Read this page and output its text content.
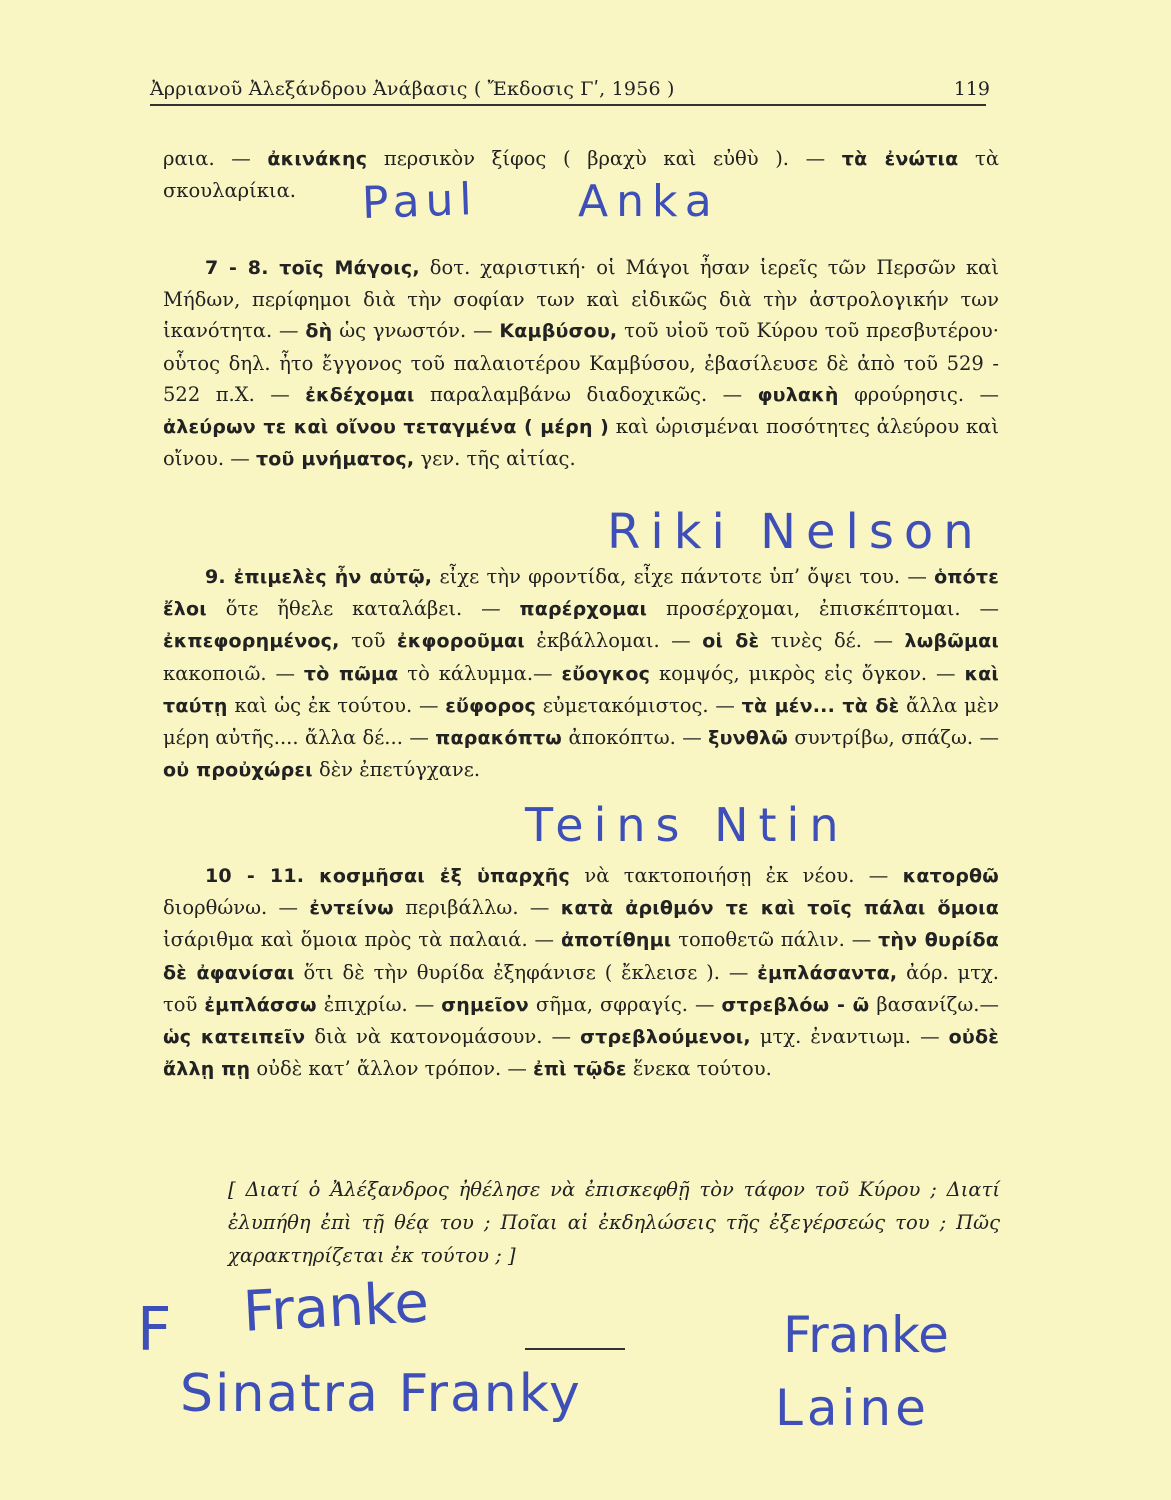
Ἀρριανοῦ Ἀλεξάνδρου Ἀνάβασις ( Ἔκδοσις Γʹ, 1956 )	119

ραια. — ἀκινάκης περσικὸν ξίφος ( βραχὺ καὶ εὐθὺ ). — τὰ ἐνώτια τὰ σκουλαρίκια.

7 - 8. τοῖς Μάγοις, δοτ. χαριστική· οἱ Μάγοι ἦσαν ἱερεῖς τῶν Περσῶν καὶ Μήδων, περίφημοι διὰ τὴν σοφίαν των καὶ εἰδικῶς διὰ τὴν ἀστρολογικήν των ἱκανότητα. — δὴ ὡς γνωστόν. — Καμβύσου, τοῦ υἱοῦ τοῦ Κύρου τοῦ πρεσβυτέρου· οὗτος δηλ. ἦτο ἔγγονος τοῦ παλαιοτέρου Καμβύσου, ἐβασίλευσε δὲ ἀπὸ τοῦ 529 - 522 π.Χ. — ἐκδέχομαι παραλαμβάνω διαδοχικῶς. — φυλακὴ φρούρησις. — ἀλεύρων τε καὶ οἴνου τεταγμένα ( μέρη ) καὶ ὡρισμέναι ποσότητες ἀλεύρου καὶ οἴνου. — τοῦ μνήματος, γεν. τῆς αἰτίας.

9. ἐπιμελὲς ἦν αὐτῷ, εἶχε τὴν φροντίδα, εἶχε πάντοτε ὑπ’ ὄψει του. — ὁπότε ἔλοι ὅτε ἤθελε καταλάβει. — παρέρχομαι προσέρχομαι, ἐπισκέπτομαι. — ἐκπεφορημένος, τοῦ ἐκφοροῦμαι ἐκβάλλομαι. — οἱ δὲ τινὲς δέ. — λωβῶμαι κακοποιῶ. — τὸ πῶμα τὸ κάλυμμα.— εὔογκος κομψός, μικρὸς εἰς ὄγκον. — καὶ ταύτῃ καὶ ὡς ἐκ τούτου. — εὔφορος εὐμετακόμιστος. — τὰ μέν... τὰ δὲ ἄλλα μὲν μέρη αὐτῆς.... ἄλλα δέ... — παρακόπτω ἀποκόπτω. — ξυνθλῶ συντρίβω, σπάζω. — οὐ προὐχώρει δὲν ἐπετύγχανε.

10 - 11. κοσμῆσαι ἐξ ὑπαρχῆς νὰ τακτοποιήσῃ ἐκ νέου. — κατορθῶ διορθώνω. — ἐντείνω περιβάλλω. — κατὰ ἀριθμόν τε καὶ τοῖς πάλαι ὅμοια ἰσάριθμα καὶ ὅμοια πρὸς τὰ παλαιά. — ἀποτίθημι τοποθετῶ πάλιν. — τὴν θυρίδα δὲ ἀφανίσαι ὅτι δὲ τὴν θυρίδα ἐξηφάνισε ( ἔκλεισε ). — ἐμπλάσαντα, ἀόρ. μτχ. τοῦ ἐμπλάσσω ἐπιχρίω. — σημεῖον σῆμα, σφραγίς. — στρεβλόω - ῶ βασανίζω.— ὡς κατειπεῖν διὰ νὰ κατονομάσουν. — στρεβλούμενοι, μτχ. ἐναντιωμ. — οὐδὲ ἄλλῃ πῃ οὐδὲ κατ’ ἄλλον τρόπον. — ἐπὶ τῷδε ἕνεκα τούτου.

[ Διατί ὁ Ἀλέξανδρος ἠθέλησε νὰ ἐπισκεφθῇ τὸν τάφον τοῦ Κύρου ; Διατί ἐλυπήθη ἐπὶ τῇ θέᾳ του ; Ποῖαι αἱ ἐκδηλώσεις τῆς ἐξεγέρσεώς του ; Πῶς χαρακτηρίζεται ἐκ τούτου ; ]
Paul Anka
Riki Nelson
Teins Ntin
F Franke
Sinatra Franky
Franke
Laine
